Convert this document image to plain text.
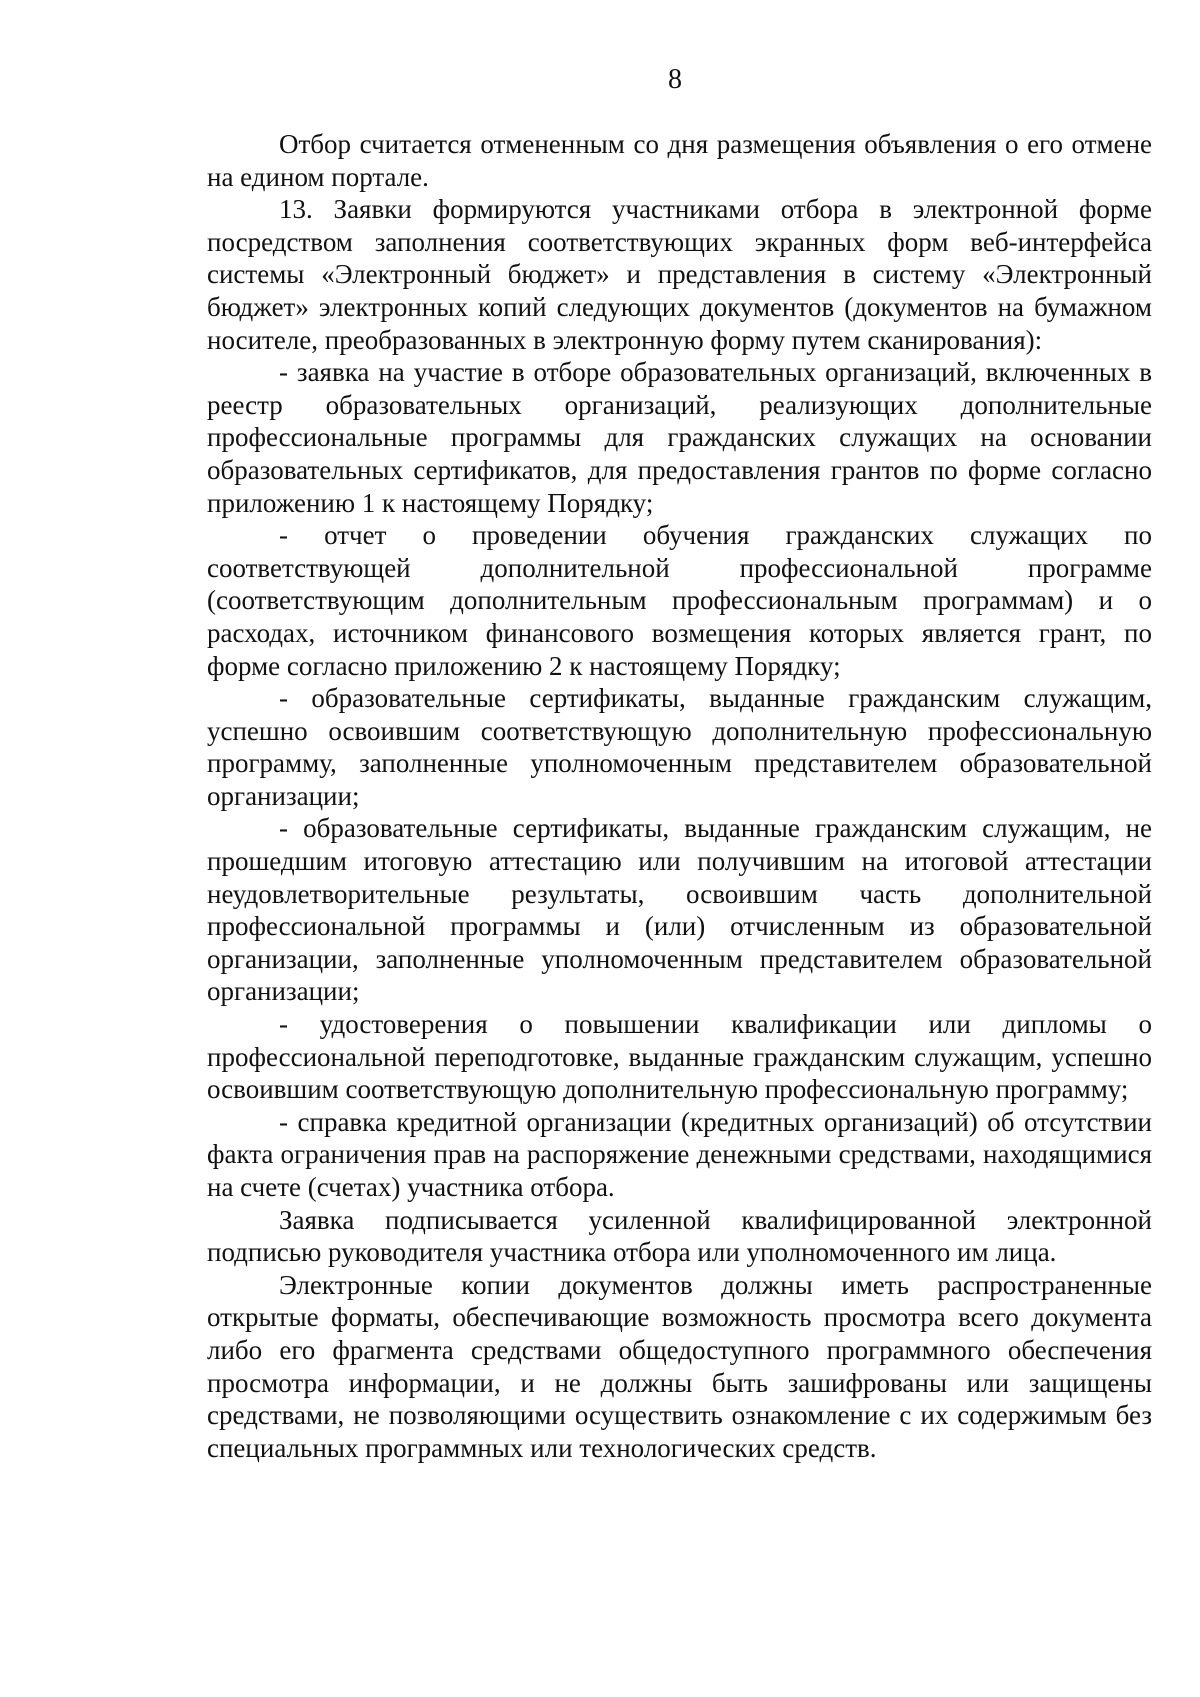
8

Отбор считается отмененным со дня размещения объявления о его отмене на едином портале.

13. Заявки формируются участниками отбора в электронной форме посредством заполнения соответствующих экранных форм веб-интерфейса системы «Электронный бюджет» и представления в систему «Электронный бюджет» электронных копий следующих документов (документов на бумажном носителе, преобразованных в электронную форму путем сканирования):

- заявка на участие в отборе образовательных организаций, включенных в реестр образовательных организаций, реализующих дополнительные профессиональные программы для гражданских служащих на основании образовательных сертификатов, для предоставления грантов по форме согласно приложению 1 к настоящему Порядку;

- отчет о проведении обучения гражданских служащих по соответствующей дополнительной профессиональной программе (соответствующим дополнительным профессиональным программам) и о расходах, источником финансового возмещения которых является грант, по форме согласно приложению 2 к настоящему Порядку;

- образовательные сертификаты, выданные гражданским служащим, успешно освоившим соответствующую дополнительную профессиональную программу, заполненные уполномоченным представителем образовательной организации;

- образовательные сертификаты, выданные гражданским служащим, не прошедшим итоговую аттестацию или получившим на итоговой аттестации неудовлетворительные результаты, освоившим часть дополнительной профессиональной программы и (или) отчисленным из образовательной организации, заполненные уполномоченным представителем образовательной организации;

- удостоверения о повышении квалификации или дипломы о профессиональной переподготовке, выданные гражданским служащим, успешно освоившим соответствующую дополнительную профессиональную программу;

- справка кредитной организации (кредитных организаций) об отсутствии факта ограничения прав на распоряжение денежными средствами, находящимися на счете (счетах) участника отбора.

Заявка подписывается усиленной квалифицированной электронной подписью руководителя участника отбора или уполномоченного им лица.

Электронные копии документов должны иметь распространенные открытые форматы, обеспечивающие возможность просмотра всего документа либо его фрагмента средствами общедоступного программного обеспечения просмотра информации, и не должны быть зашифрованы или защищены средствами, не позволяющими осуществить ознакомление с их содержимым без специальных программных или технологических средств.
